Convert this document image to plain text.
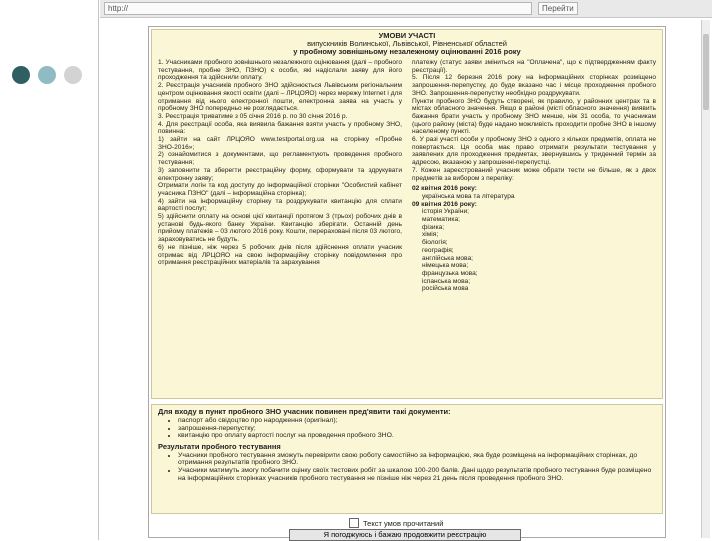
http://	Перейти
УМОВИ УЧАСТІ
випускників Волинської, Львівської, Рівненської областей
у пробному зовнішньому незалежному оцінюванні 2016 року

1. Учасниками пробного зовнішнього незалежного оцінювання (далі – пробного тестування, пробне ЗНО, ПЗНО) є особи, які надіслали заяву для його проходження та здійснили оплату.

2. Реєстрація учасників пробного ЗНО здійснюється Львівським регіональним центром оцінювання якості освіти (далі – ЛРЦОЯО) через мережу Internet і для отримання від нього електронної пошти, електронна заява на участь у пробному ЗНО попередньо не розглядається.

3. Реєстрація триватиме з 05 січня 2016 р. по 30 січня 2016 р.

4. Для реєстрації особа, яка виявила бажання взяти участь у пробному ЗНО, повинна:

1) зайти на сайт ЛРЦОЯО www.testportal.org.ua на сторінку «Пробне ЗНО-2016»;

2) ознайомитися з документами, що регламентують проведення пробного тестування;

3) заповнити та зберегти реєстраційну форму, сформувати та здрукувати електронну заяву;

Отримати логін та код доступу до інформаційної сторінки "Особистий кабінет учасника ПЗНО" (далі – інформаційна сторінка);

4) зайти на інформаційну сторінку та роздрукувати квитанцію для сплати вартості послуг;

5) здійснити оплату на основі цієї квитанції протягом 3 (трьох) робочих днів в установі будь-якого банку України. Квитанцію зберігати. Останній день прийому платежів – 03 лютого 2016 року. Кошти, перераховані після 03 лютого, зараховуватись не будуть.

6) не пізніше, ніж через 5 робочих днів після здійснення оплати учасник отримає від ЛРЦОЯО на свою інформаційну сторінку повідомлення про отримання реєстраційних матеріалів та зарахування

платежу (статус заяви зміниться на "Оплачена", що є підтвердженням факту реєстрації).

5. Після 12 березня 2016 року на інформаційних сторінках розміщено запрошення-перепустку, до буде вказано час і місце проходження пробного ЗНО. Запрошення-перепустку необхідно роздрукувати.

Пункти пробного ЗНО будуть створені, як правило, у районних центрах та в містах обласного значення. Якщо в районі (місті обласного значення) виявить бажання брати участь у пробному ЗНО менше, ніж 31 особа, то учасникам (цього району (міста) буде надано можливість проходити пробне ЗНО в іншому населеному пункті.

6. У разі участі особи у пробному ЗНО з одного з кількох предметів, оплата не повертається. Ця особа має право отримати результати тестування у заявлених для проходження предметах, звернувшись у триденний термін за адресою, вказаною у запрошенні-перепустці.

7. Кожен зареєстрований учасник може обрати тести не більше, як з двох предметів за вибором з переліку:

02 квітня 2016 року:

українська мова та література

09 квітня 2016 року:

історія України;

математика;

фізика;

хімія;

біологія;

географія;

англійська мова;

німецька мова;

французька мова;

іспанська мова;

російська мова

Для входу в пункт пробного ЗНО учасник повинен пред'явити такі документи:
• паспорт або свідоцтво про народження (оригінал);
• запрошення-перепустку;
• квитанцію про оплату вартості послуг на проведення пробного ЗНО.
Результати пробного тестування
• Учасники пробного тестування зможуть перевірити свою роботу самостійно за інформацією, яка буде розміщена на інформаційних сторінках, до отримання результатів пробного ЗНО.
• Учасники матимуть змогу побачити оцінку своїх тестових робіт за шкалою 100-200 балів. Дані щодо результатів пробного тестування буде розміщено на інформаційних сторінках учасників пробного тестування не пізніше ніж через 21 день після проведення пробного ЗНО.
Текст умов прочитаний
Я погоджуюсь і бажаю продовжити реєстрацію
